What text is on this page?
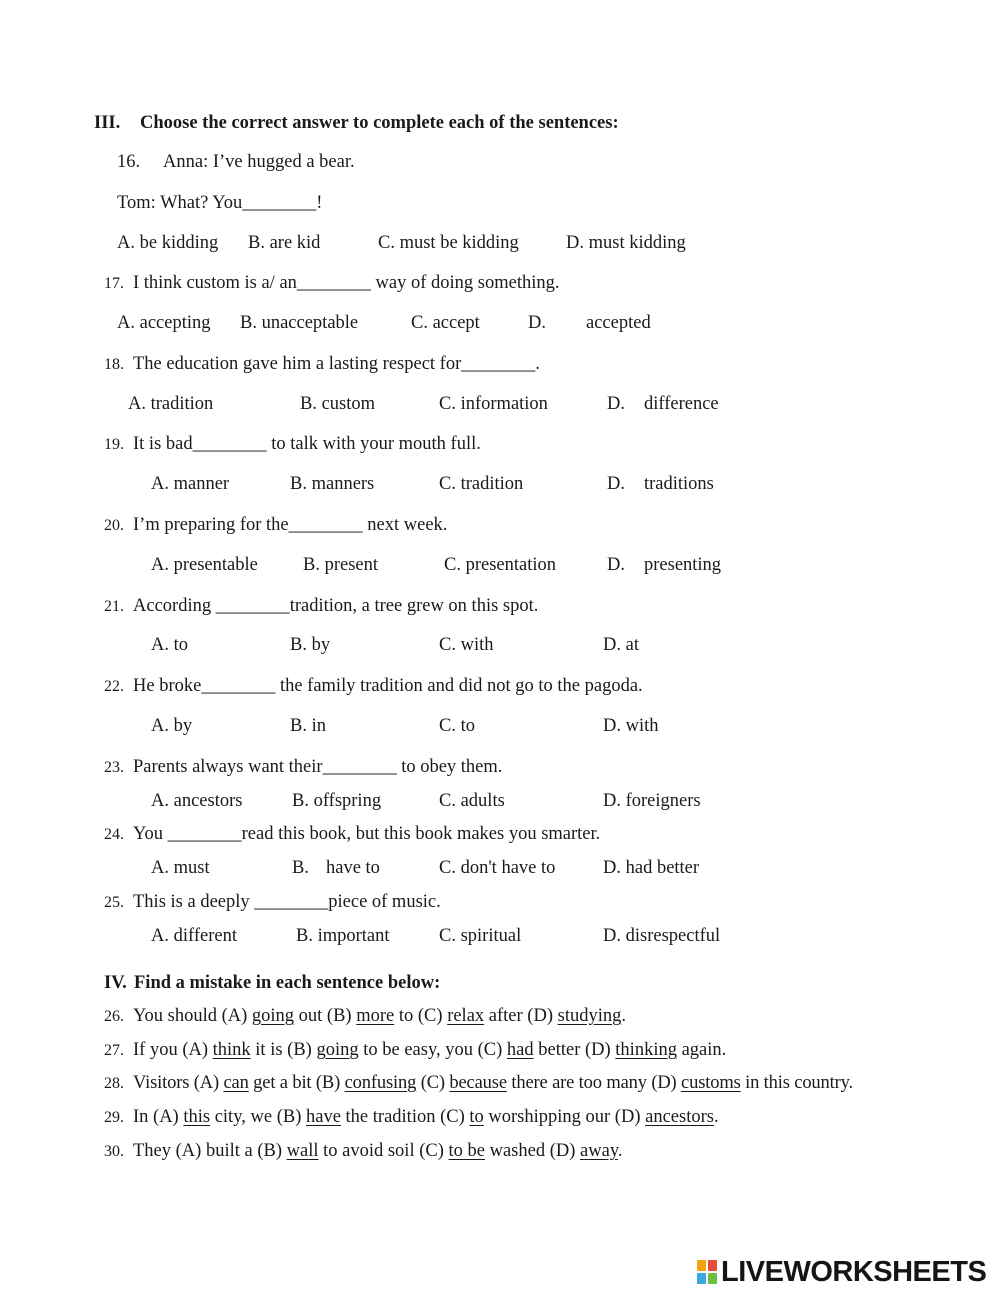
III. Choose the correct answer to complete each of the sentences:
16. Anna: I’ve hugged a bear.
Tom: What? You________!
A. be kidding B. are kid	C. must be kidding	D. must kidding
17. I think custom is a/ an________ way of doing something.
A. accepting B. unacceptable	C. accept	D. accepted
18. The education gave him a lasting respect for________.
A. tradition	B. custom	C. information	D. difference
19. It is bad________ to talk with your mouth full.
A. manner	B. manners	C. tradition	D. traditions
20. I’m preparing for the________ next week.
A. presentable B. present	C. presentation	D. presenting
21. According ________tradition, a tree grew on this spot.
A. to	B. by	C. with	D. at
22. He broke________ the family tradition and did not go to the pagoda.
A. by	B. in	C. to	D. with
23. Parents always want their________ to obey them.
A. ancestors	B. offspring	C. adults	D. foreigners
24. You ________read this book, but this book makes you smarter.
A. must	B. have to	C. don't have to	D. had better
25. This is a deeply ________piece of music.
A. different	B. important	C. spiritual	D. disrespectful
IV. Find a mistake in each sentence below:
26. You should (A) going out (B) more to (C) relax after (D) studying.
27. If you (A) think it is (B) going to be easy, you (C) had better (D) thinking again.
28. Visitors (A) can get a bit (B) confusing (C) because there are too many (D) customs in this country.
29. In (A) this city, we (B) have the tradition (C) to worshipping our (D) ancestors.
30. They (A) built a (B) wall to avoid soil (C) to be washed (D) away.
LIVEWORKSHEETS
